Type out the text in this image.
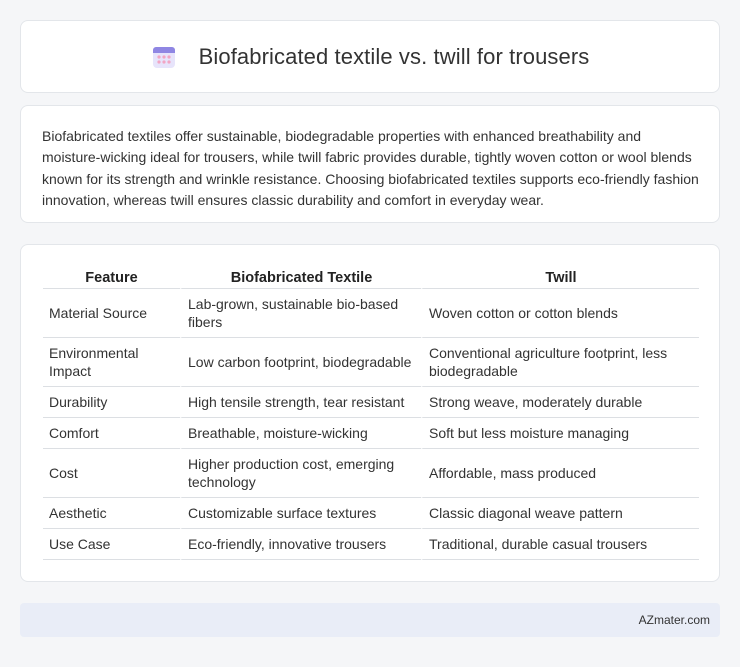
Biofabricated textile vs. twill for trousers

Biofabricated textiles offer sustainable, biodegradable properties with enhanced breathability and moisture-wicking ideal for trousers, while twill fabric provides durable, tightly woven cotton or wool blends known for its strength and wrinkle resistance. Choosing biofabricated textiles supports eco-friendly fashion innovation, whereas twill ensures classic durability and comfort in everyday wear.

Feature	Biofabricated Textile	Twill

Material Source	Lab-grown, sustainable bio-based fibers	Woven cotton or cotton blends
Environmental Impact	Low carbon footprint, biodegradable	Conventional agriculture footprint, less biodegradable
Durability	High tensile strength, tear resistant	Strong weave, moderately durable
Comfort	Breathable, moisture-wicking	Soft but less moisture managing
Cost	Higher production cost, emerging technology	Affordable, mass produced
Aesthetic	Customizable surface textures	Classic diagonal weave pattern
Use Case	Eco-friendly, innovative trousers	Traditional, durable casual trousers
AZmater.com
